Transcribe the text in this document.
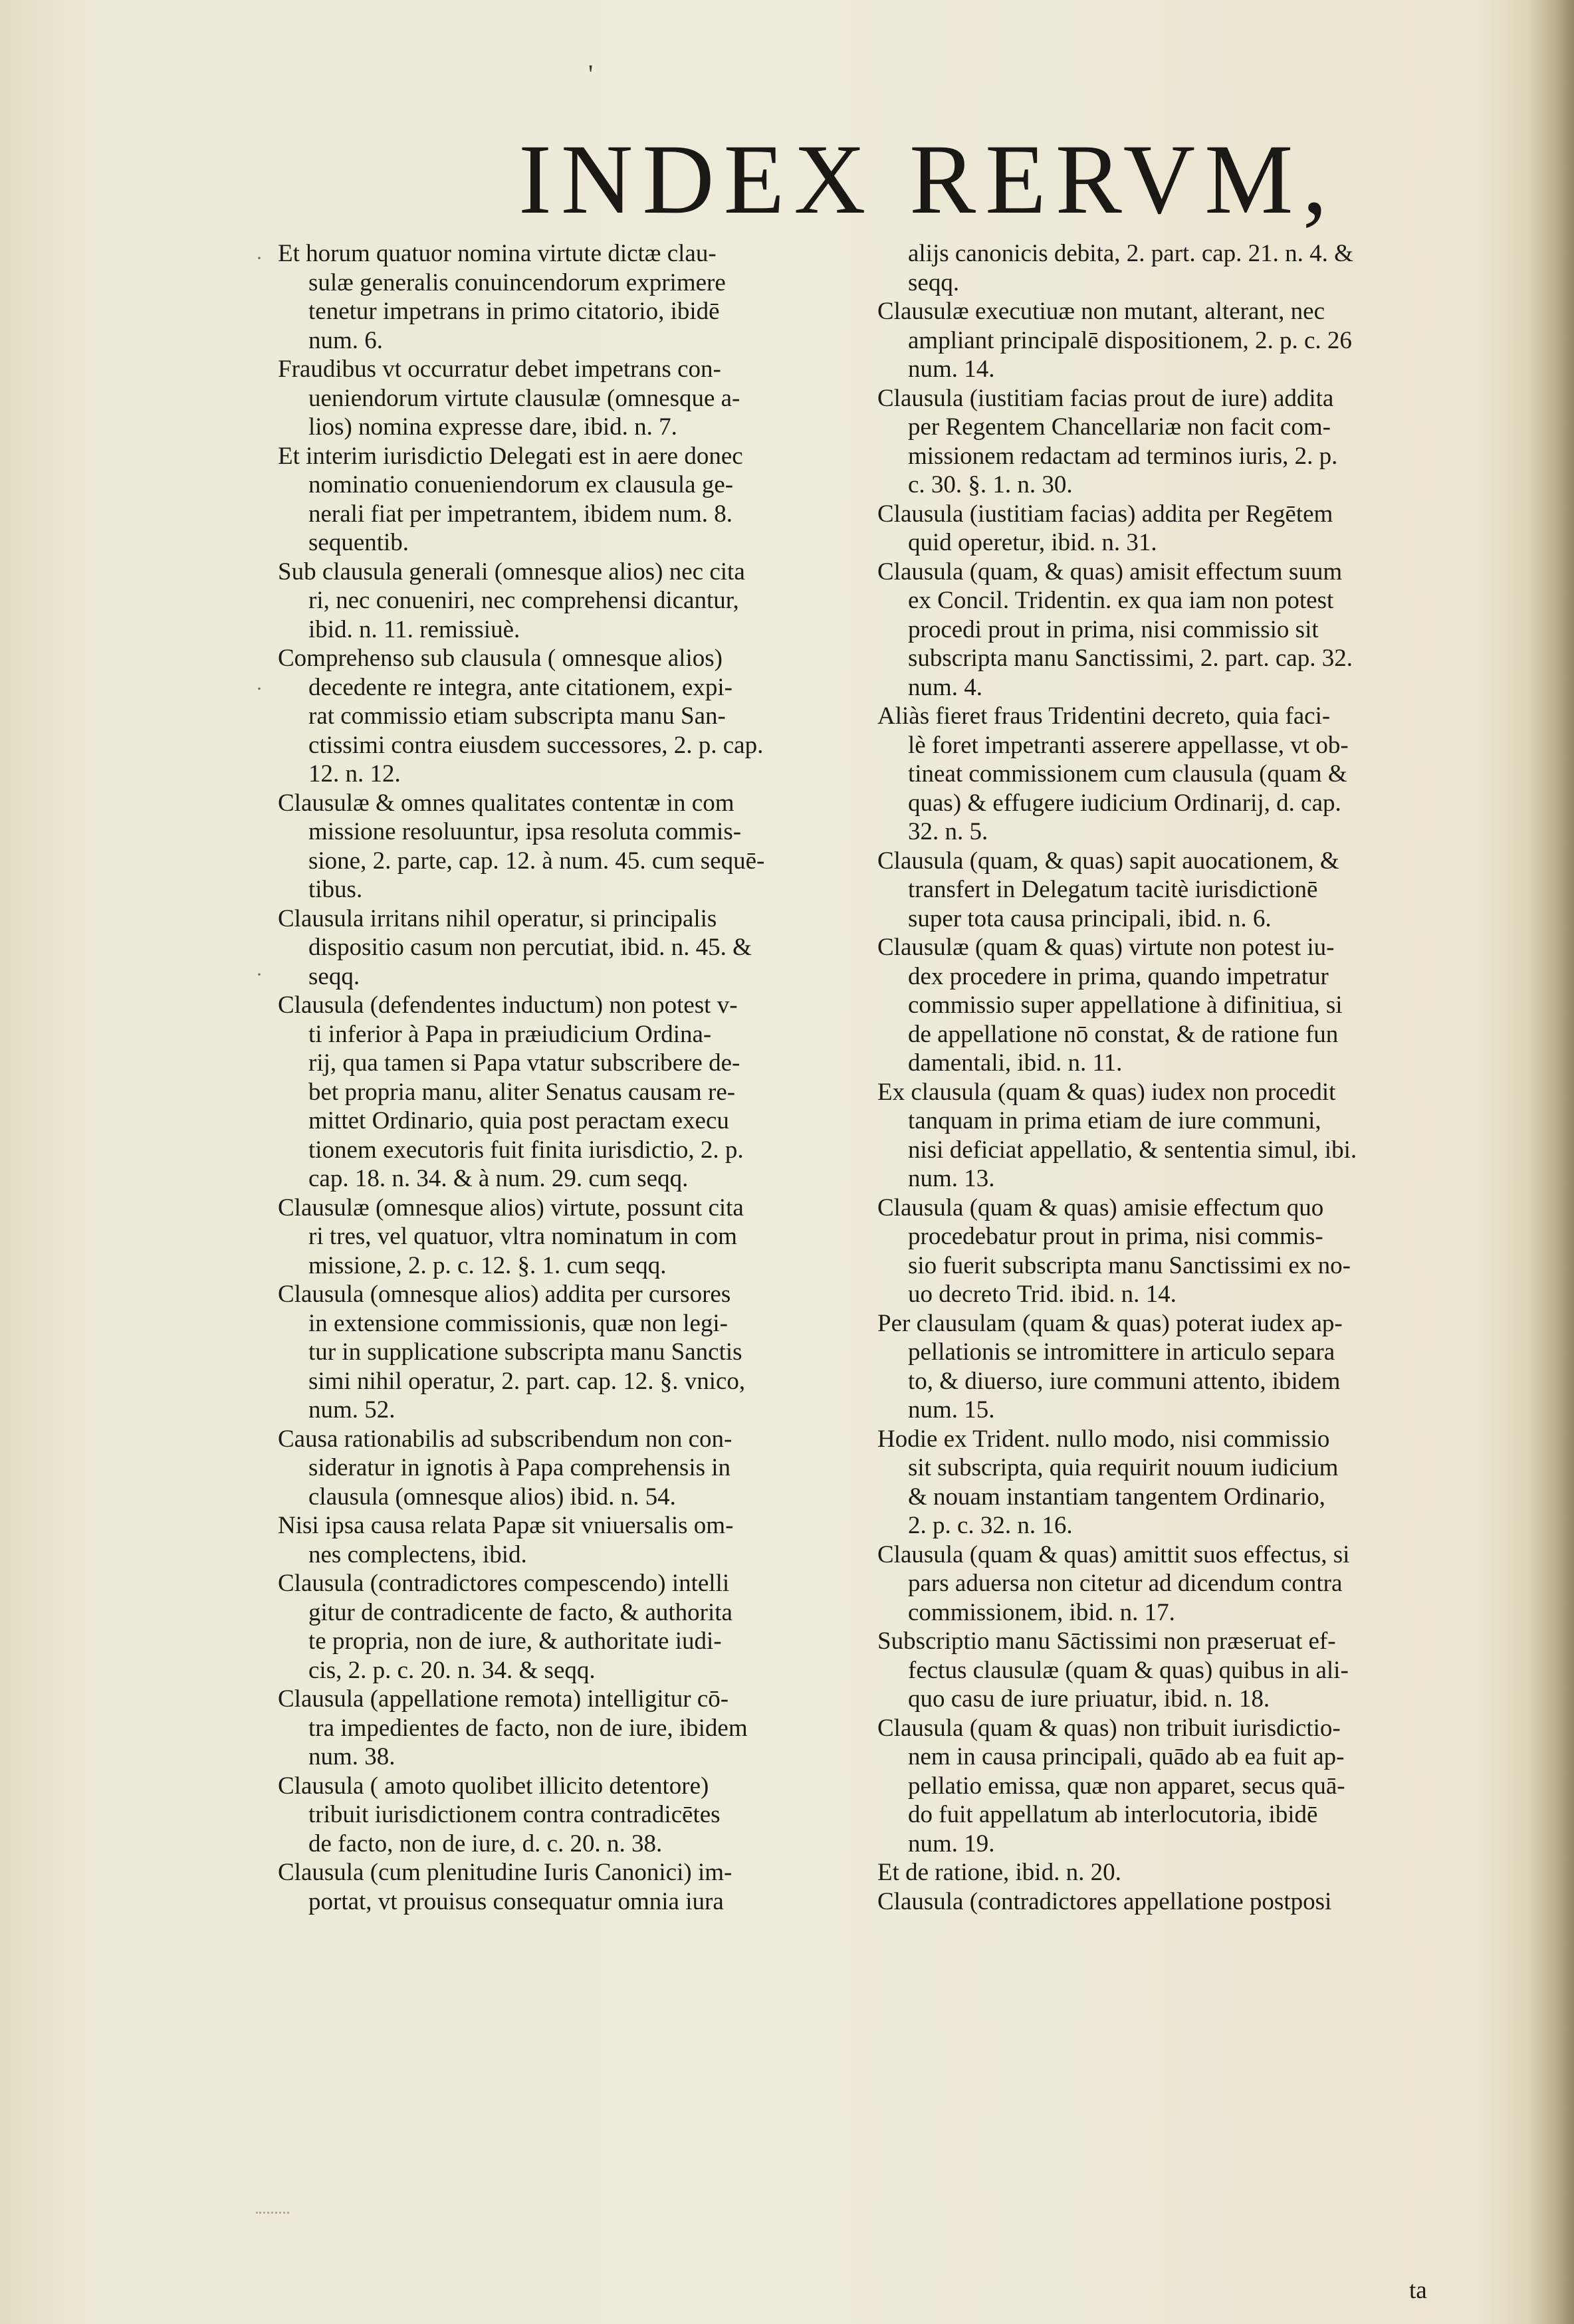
'
INDEX RERVM,
Et horum quatuor nomina virtute dictæ clau-
sulæ generalis conuincendorum exprimere
tenetur impetrans in primo citatorio, ibidē
num. 6.
Fraudibus vt occurratur debet impetrans con-
ueniendorum virtute clausulæ (omnesque a-
lios) nomina expresse dare, ibid. n. 7.
Et interim iurisdictio Delegati est in aere donec
nominatio conueniendorum ex clausula ge-
nerali fiat per impetrantem, ibidem num. 8.
sequentib.
Sub clausula generali (omnesque alios) nec cita
ri, nec conueniri, nec comprehensi dicantur,
ibid. n. 11. remissiuè.
Comprehenso sub clausula ( omnesque alios)
decedente re integra, ante citationem, expi-
rat commissio etiam subscripta manu San-
ctissimi contra eiusdem successores, 2. p. cap.
12. n. 12.
Clausulæ & omnes qualitates contentæ in com
missione resoluuntur, ipsa resoluta commis-
sione, 2. parte, cap. 12. à num. 45. cum sequē-
tibus.
Clausula irritans nihil operatur, si principalis
dispositio casum non percutiat, ibid. n. 45. &
seqq.
Clausula (defendentes inductum) non potest v-
ti inferior à Papa in præiudicium Ordina-
rij, qua tamen si Papa vtatur subscribere de-
bet propria manu, aliter Senatus causam re-
mittet Ordinario, quia post peractam execu
tionem executoris fuit finita iurisdictio, 2. p.
cap. 18. n. 34. & à num. 29. cum seqq.
Clausulæ (omnesque alios) virtute, possunt cita
ri tres, vel quatuor, vltra nominatum in com
missione, 2. p. c. 12. §. 1. cum seqq.
Clausula (omnesque alios) addita per cursores
in extensione commissionis, quæ non legi-
tur in supplicatione subscripta manu Sanctis
simi nihil operatur, 2. part. cap. 12. §. vnico,
num. 52.
Causa rationabilis ad subscribendum non con-
sideratur in ignotis à Papa comprehensis in
clausula (omnesque alios) ibid. n. 54.
Nisi ipsa causa relata Papæ sit vniuersalis om-
nes complectens, ibid.
Clausula (contradictores compescendo) intelli
gitur de contradicente de facto, & authorita
te propria, non de iure, & authoritate iudi-
cis, 2. p. c. 20. n. 34. & seqq.
Clausula (appellatione remota) intelligitur cō-
tra impedientes de facto, non de iure, ibidem
num. 38.
Clausula ( amoto quolibet illicito detentore)
tribuit iurisdictionem contra contradicētes
de facto, non de iure, d. c. 20. n. 38.
Clausula (cum plenitudine Iuris Canonici) im-
portat, vt prouisus consequatur omnia iura
alijs canonicis debita, 2. part. cap. 21. n. 4. &
seqq.
Clausulæ executiuæ non mutant, alterant, nec
ampliant principalē dispositionem, 2. p. c. 26
num. 14.
Clausula (iustitiam facias prout de iure) addita
per Regentem Chancellariæ non facit com-
missionem redactam ad terminos iuris, 2. p.
c. 30. §. 1. n. 30.
Clausula (iustitiam facias) addita per Regētem
quid operetur, ibid. n. 31.
Clausula (quam, & quas) amisit effectum suum
ex Concil. Tridentin. ex qua iam non potest
procedi prout in prima, nisi commissio sit
subscripta manu Sanctissimi, 2. part. cap. 32.
num. 4.
Aliàs fieret fraus Tridentini decreto, quia faci-
lè foret impetranti asserere appellasse, vt ob-
tineat commissionem cum clausula (quam &
quas) & effugere iudicium Ordinarij, d. cap.
32. n. 5.
Clausula (quam, & quas) sapit auocationem, &
transfert in Delegatum tacitè iurisdictionē
super tota causa principali, ibid. n. 6.
Clausulæ (quam & quas) virtute non potest iu-
dex procedere in prima, quando impetratur
commissio super appellatione à difinitiua, si
de appellatione nō constat, & de ratione fun
damentali, ibid. n. 11.
Ex clausula (quam & quas) iudex non procedit
tanquam in prima etiam de iure communi,
nisi deficiat appellatio, & sententia simul, ibi.
num. 13.
Clausula (quam & quas) amisie effectum quo
procedebatur prout in prima, nisi commis-
sio fuerit subscripta manu Sanctissimi ex no-
uo decreto Trid. ibid. n. 14.
Per clausulam (quam & quas) poterat iudex ap-
pellationis se intromittere in articulo separa
to, & diuerso, iure communi attento, ibidem
num. 15.
Hodie ex Trident. nullo modo, nisi commissio
sit subscripta, quia requirit nouum iudicium
& nouam instantiam tangentem Ordinario,
2. p. c. 32. n. 16.
Clausula (quam & quas) amittit suos effectus, si
pars aduersa non citetur ad dicendum contra
commissionem, ibid. n. 17.
Subscriptio manu Sāctissimi non præseruat ef-
fectus clausulæ (quam & quas) quibus in ali-
quo casu de iure priuatur, ibid. n. 18.
Clausula (quam & quas) non tribuit iurisdictio-
nem in causa principali, quādo ab ea fuit ap-
pellatio emissa, quæ non apparet, secus quā-
do fuit appellatum ab interlocutoria, ibidē
num. 19.
Et de ratione, ibid. n. 20.
Clausula (contradictores appellatione postposi
·
·
·
ta
